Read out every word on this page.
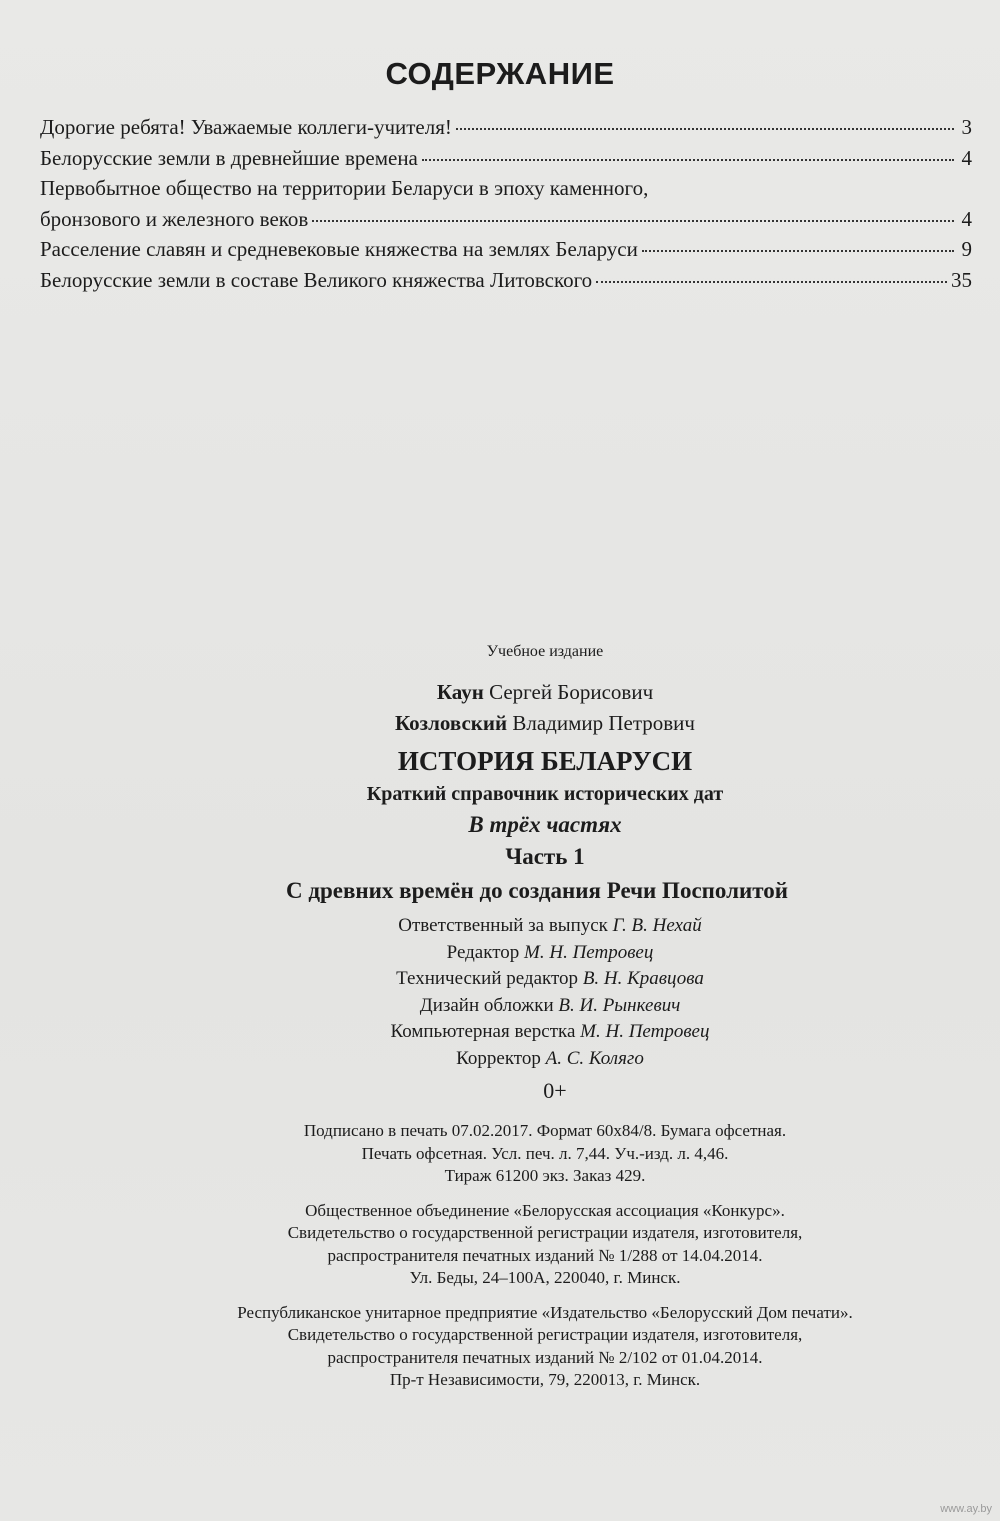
СОДЕРЖАНИЕ
Дорогие ребята! Уважаемые коллеги-учителя!	3
Белорусские земли в древнейшие времена	4
Первобытное общество на территории Беларуси в эпоху каменного,
бронзового и железного веков	4
Расселение славян и средневековые княжества на землях Беларуси	9
Белорусские земли в составе Великого княжества Литовского	35
Учебное издание
Каун Сергей Борисович
Козловский Владимир Петрович
ИСТОРИЯ БЕЛАРУСИ
Краткий справочник исторических дат
В трёх частях
Часть 1
С древних времён до создания Речи Посполитой
Ответственный за выпуск Г. В. Нехай
Редактор М. Н. Петровец
Технический редактор В. Н. Кравцова
Дизайн обложки В. И. Рынкевич
Компьютерная верстка М. Н. Петровец
Корректор А. С. Коляго
0+
Подписано в печать 07.02.2017. Формат 60x84/8. Бумага офсетная.
Печать офсетная. Усл. печ. л. 7,44. Уч.-изд. л. 4,46.
Тираж 61200 экз. Заказ 429.
Общественное объединение «Белорусская ассоциация «Конкурс».
Свидетельство о государственной регистрации издателя, изготовителя,
распространителя печатных изданий № 1/288 от 14.04.2014.
Ул. Беды, 24–100А, 220040, г. Минск.
Республиканское унитарное предприятие «Издательство «Белорусский Дом печати».
Свидетельство о государственной регистрации издателя, изготовителя,
распространителя печатных изданий № 2/102 от 01.04.2014.
Пр-т Независимости, 79, 220013, г. Минск.
www.ay.by
